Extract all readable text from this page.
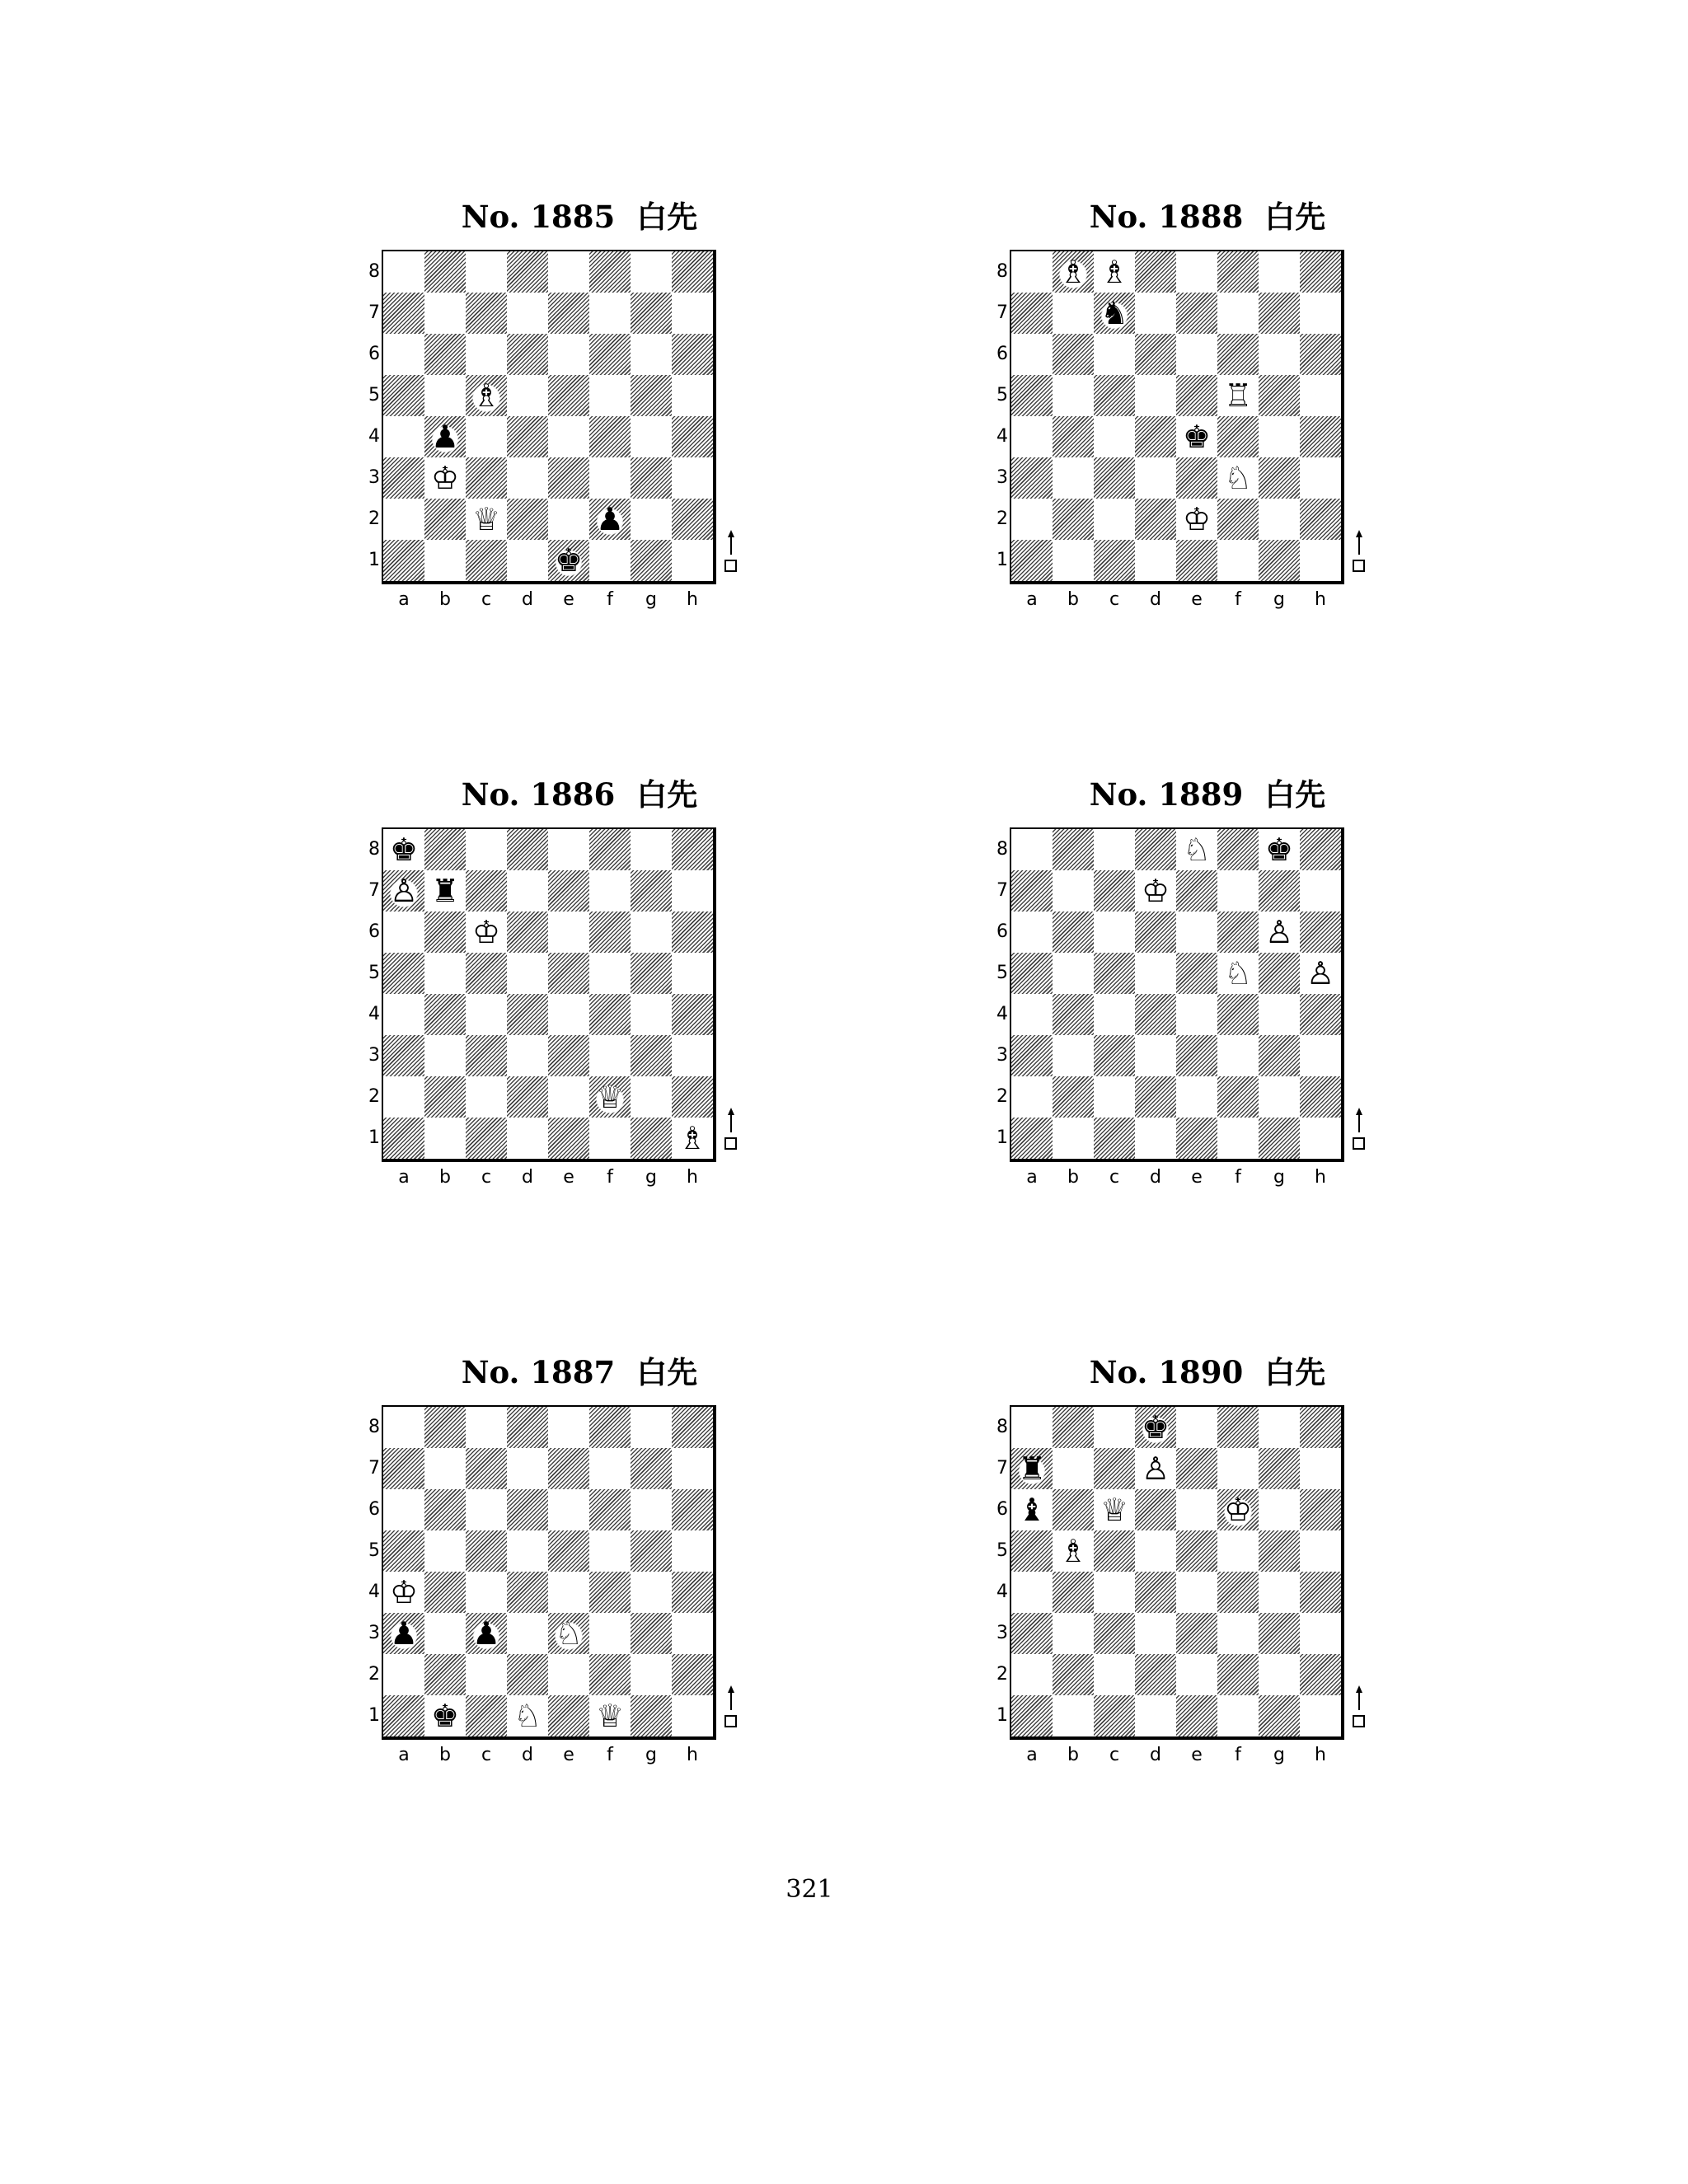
No. 1885 白先
♗
♟
♔
♕	♟
♚
8
7
6
5
4
3
2
1
a	b	c	d	e	f	g	h
No. 1888 白先
♗ ♗
♞
♖
♚
♘
♔
8
7
6
5
4
3
2
1
a	b	c	d	e	f	g	h
No. 1886 白先
♚
♙ ♜
♔
♕
♗
8
7
6
5
4
3
2
1
a	b	c	d	e	f	g	h
No. 1889 白先
♘ ♚
♔
♙
♘ ♙
8
7
6
5
4
3
2
1
a	b	c	d	e	f	g	h
No. 1887 白先
♔
♟ ♟ ♘
♚ ♘ ♕
8
7
6
5
4
3
2
1
a	b	c	d	e	f	g	h
No. 1890 白先
♚
♜	♙
♝ ♕	♔
♗
8
7
6
5
4
3
2
1
a	b	c	d	e	f	g	h
321
